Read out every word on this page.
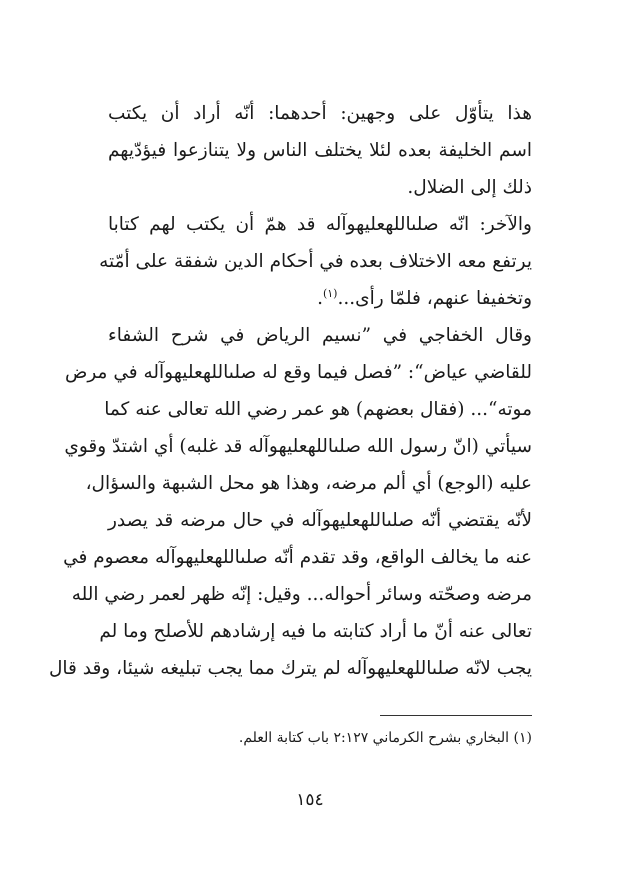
هذا يتأوّل على وجهين: أحدهما: أنّه أراد أن يكتب
اسم الخليفة بعده لئلا يختلف الناس ولا يتنازعوا فيؤدّيهم
ذلك إلى الضلال.
والآخر: انّه صلىاللهعليهوآله قد همّ أن يكتب لهم كتابا
يرتفع معه الاختلاف بعده في أحكام الدين شفقة على أمّته
وتخفيفا عنهم، فلمّا رأى...$^{(١)}$.
وقال الخفاجي في ”نسيم الرياض في شرح الشفاء
للقاضي عياض“: ”فصل فيما وقع له صلىاللهعليهوآله في مرض
موته“... (فقال بعضهم) هو عمر رضي الله تعالى عنه كما
سيأتي (انّ رسول الله صلىاللهعليهوآله قد غلبه) أي اشتدّ وقوي
عليه (الوجع) أي ألم مرضه، وهذا هو محل الشبهة والسؤال،
لأنّه يقتضي أنّه صلىاللهعليهوآله في حال مرضه قد يصدر
عنه ما يخالف الواقع، وقد تقدم أنّه صلىاللهعليهوآله معصوم في
مرضه وصحّته وسائر أحواله... وقيل: إنّه ظهر لعمر رضي الله
تعالى عنه أنّ ما أراد كتابته ما فيه إرشادهم للأصلح وما لم
يجب لانّه صلىاللهعليهوآله لم يترك مما يجب تبليغه شيئا، وقد قال
(١) البخاري بشرح الكرماني ٢:١٢٧ باب كتابة العلم.
١٥٤
